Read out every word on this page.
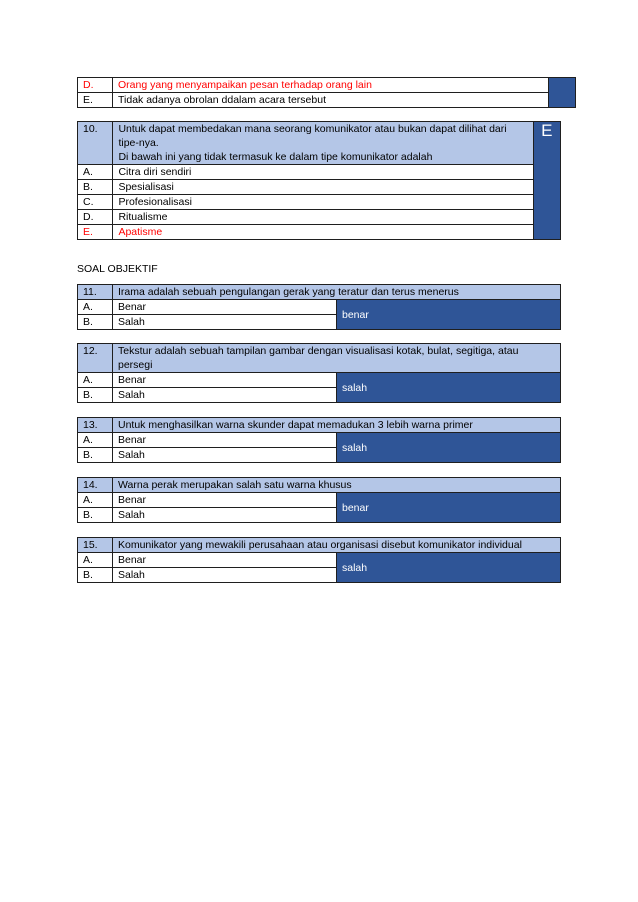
D.	Orang yang menyampaikan pesan terhadap orang lain	
E.	Tidak adanya obrolan ddalam acara tersebut	
10.	Untuk dapat membedakan mana seorang komunikator atau bukan dapat dilihat dari
tipe-nya.
Di bawah ini yang tidak termasuk ke dalam tipe komunikator adalah	E
A.	Citra diri sendiri	
B.	Spesialisasi	
C.	Profesionalisasi	
D.	Ritualisme	
E.	Apatisme	
SOAL OBJEKTIF
11.	Irama adalah sebuah pengulangan gerak yang teratur dan terus menerus	
A.	Benar	benar
B.	Salah	
12.	Tekstur adalah sebuah tampilan gambar dengan visualisasi kotak, bulat, segitiga, atau persegi	
A.	Benar	salah
B.	Salah	
13.	Untuk menghasilkan warna skunder dapat memadukan 3 lebih warna primer	
A.	Benar	salah
B.	Salah	
14.	Warna perak merupakan salah satu warna khusus	
A.	Benar	benar
B.	Salah	
15.	Komunikator yang mewakili perusahaan atau organisasi disebut komunikator individual	
A.	Benar	salah
B.	Salah	
